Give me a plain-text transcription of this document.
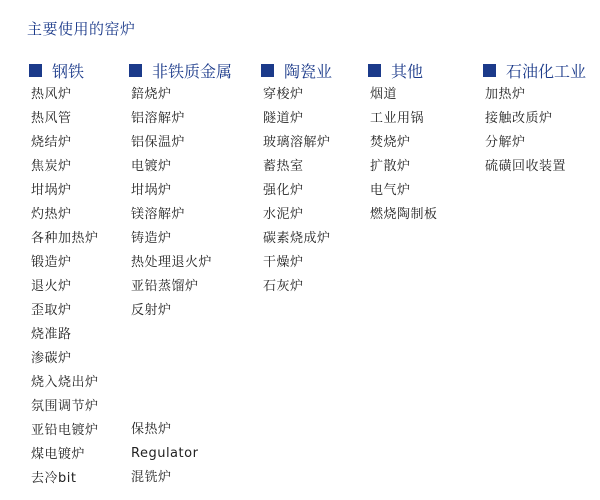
主要使用的窑炉
钢铁
热风炉
热风管
烧结炉
焦炭炉
坩埚炉
灼热炉
各种加热炉
锻造炉
退火炉
歪取炉
烧准路
渗碳炉
烧入烧出炉
氛围调节炉
亚铅电镀炉
煤电镀炉
去冷bit
非铁质金属
錇烧炉
铝溶解炉
铝保温炉
电镀炉
坩埚炉
镁溶解炉
铸造炉
热处理退火炉
亚铅蒸馏炉
反射炉
保热炉
Regulator
混铣炉
陶瓷业
穿梭炉
隧道炉
玻璃溶解炉
蓄热室
强化炉
水泥炉
碳素烧成炉
干燥炉
石灰炉
其他
烟道
工业用锅
焚烧炉
扩散炉
电气炉
燃烧陶制板
石油化工业
加热炉
接触改质炉
分解炉
硫磺回收装置
